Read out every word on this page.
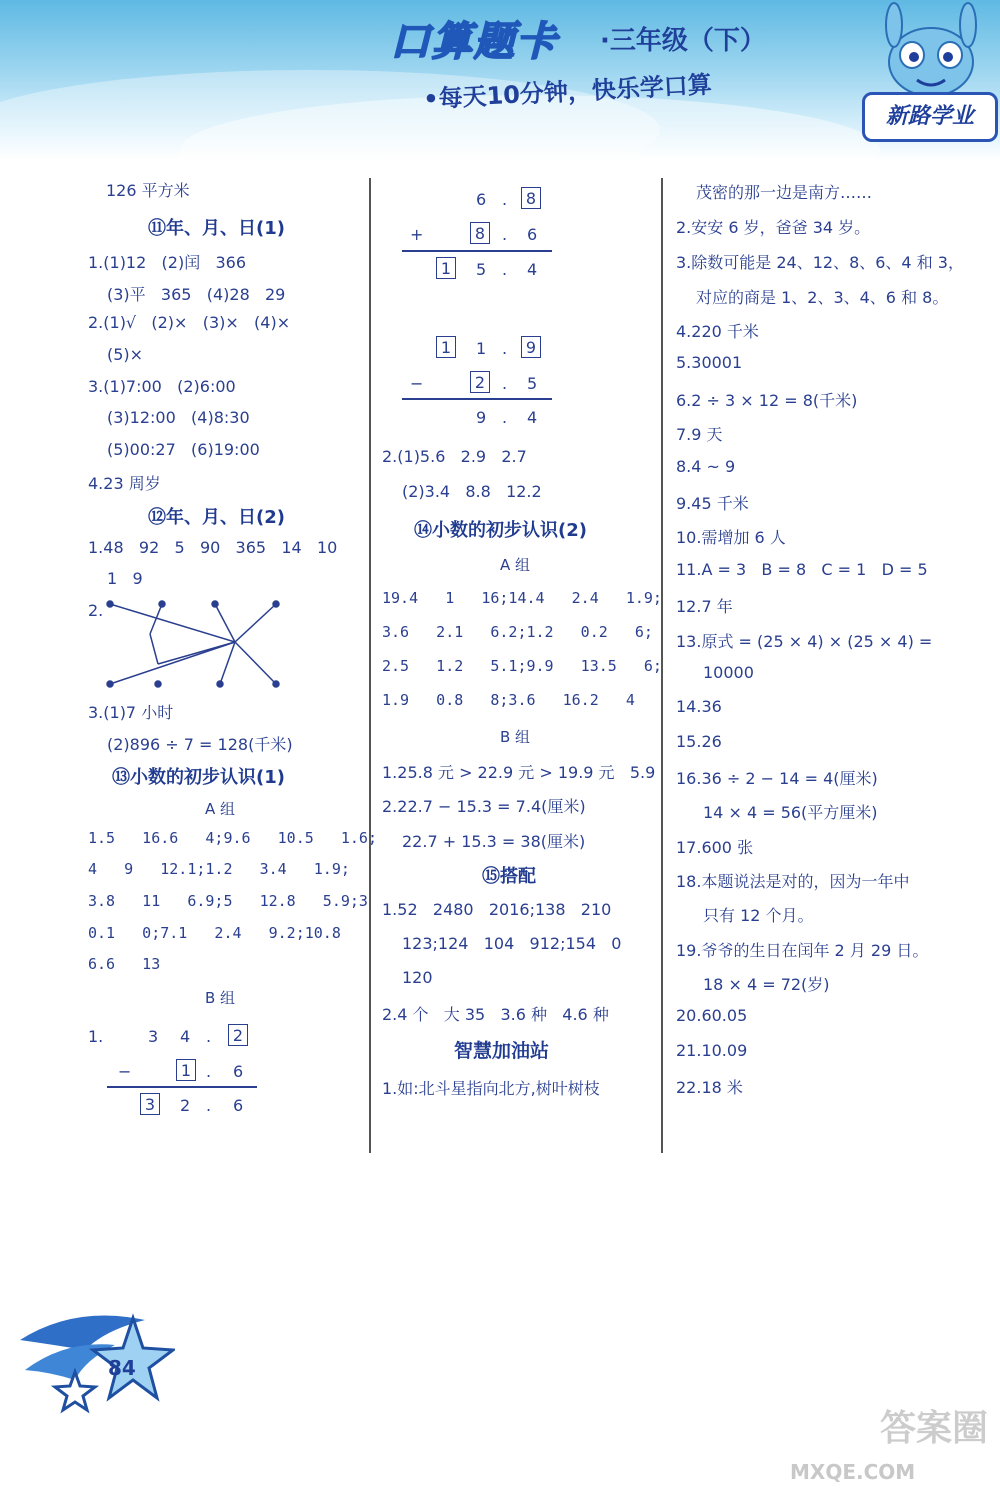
口算题卡 ·三年级（下）
•每天10分钟，快乐学口算
新路学业
126 平方米
⑪年、月、日(1)
1.(1)12   (2)闰   366
(3)平   365   (4)28   29
2.(1)√   (2)×   (3)×   (4)×
(5)×
3.(1)7:00   (2)6:00
(3)12:00   (4)8:30
(5)00:27   (6)19:00
4.23 周岁
⑫年、月、日(2)
1.48   92   5   90   365   14   10
1   9
2.
3.(1)7 小时
(2)896 ÷ 7 = 128(千米)
⑬小数的初步认识(1)
A 组
1.5   16.6   4;9.6   10.5   1.6;
4   9   12.1;1.2   3.4   1.9;
3.8   11   6.9;5   12.8   5.9;3
0.1   0;7.1   2.4   9.2;10.8
6.6   13
B 组
1.	3 4 .	2
−	1 . 6
3	2 . 6
6 .	8
+	8	. 6
1	5 . 4
1	1 .	9
−	2	. 5
9 . 4
2.(1)5.6   2.9   2.7
(2)3.4   8.8   12.2
⑭小数的初步认识(2)
A 组
19.4   1   16;14.4   2.4   1.9;
3.6   2.1   6.2;1.2   0.2   6;
2.5   1.2   5.1;9.9   13.5   6;
1.9   0.8   8;3.6   16.2   4
B 组
1.25.8 元 > 22.9 元 > 19.9 元   5.9
2.22.7 − 15.3 = 7.4(厘米)
22.7 + 15.3 = 38(厘米)
⑮搭配
1.52   2480   2016;138   210
123;124   104   912;154   0
120
2.4 个   大 35   3.6 种   4.6 种
智慧加油站
1.如:北斗星指向北方,树叶树枝
茂密的那一边是南方……
2.安安 6 岁，爸爸 34 岁。
3.除数可能是 24、12、8、6、4 和 3，
对应的商是 1、2、3、4、6 和 8。
4.220 千米
5.30001
6.2 ÷ 3 × 12 = 8(千米)
7.9 天
8.4 ~ 9
9.45 千米
10.需增加 6 人
11.A = 3   B = 8   C = 1   D = 5
12.7 年
13.原式 = (25 × 4) × (25 × 4) =
10000
14.36
15.26
16.36 ÷ 2 − 14 = 4(厘米)
14 × 4 = 56(平方厘米)
17.600 张
18.本题说法是对的，因为一年中
只有 12 个月。
19.爷爷的生日在闰年 2 月 29 日。
18 × 4 = 72(岁)
20.60.05
21.10.09
22.18 米
84
答案圈
MXQE.COM
